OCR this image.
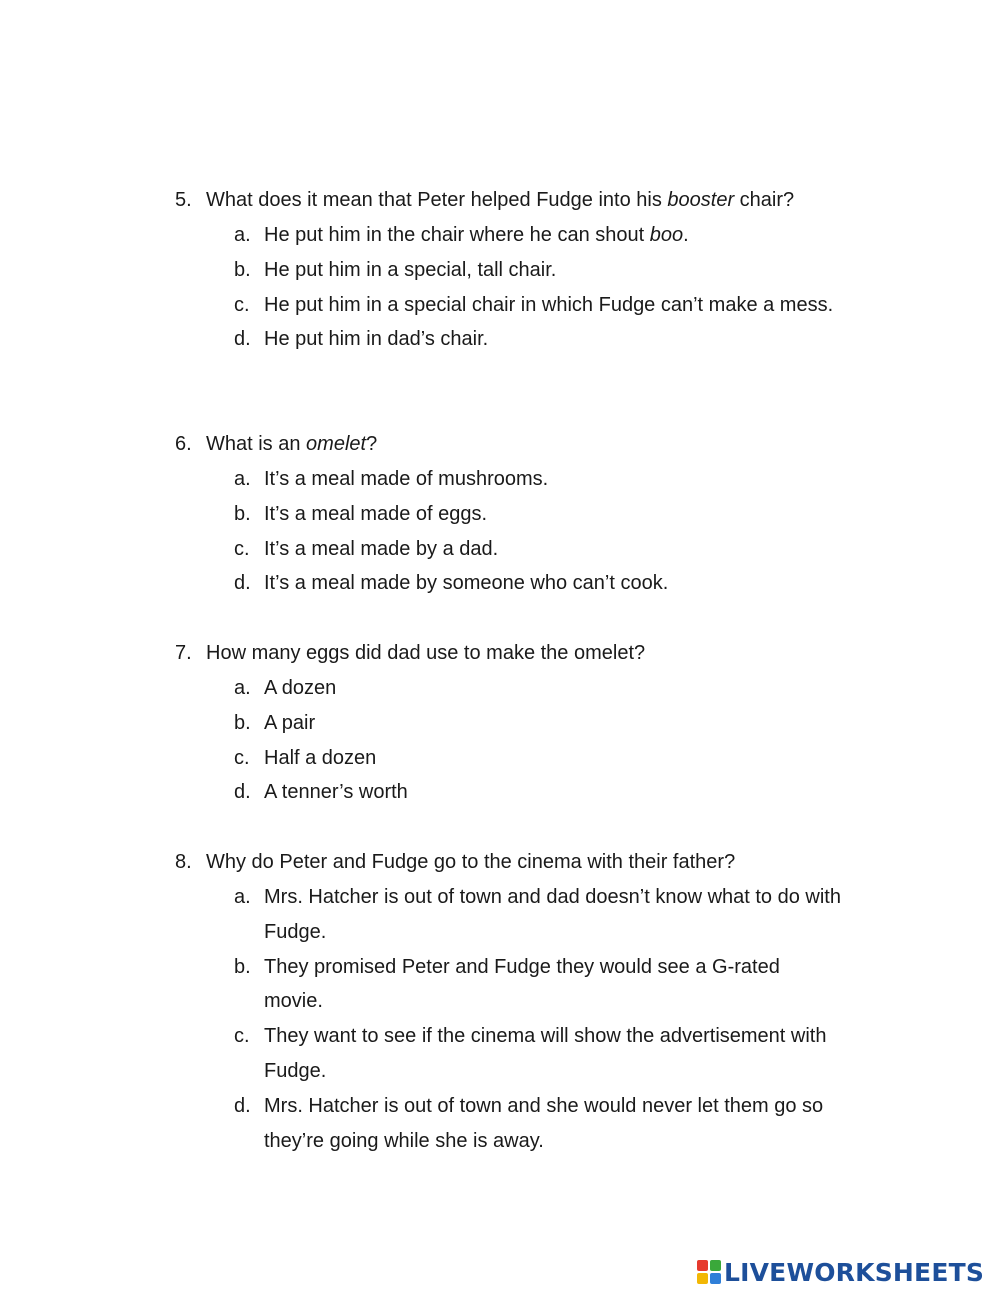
5. What does it mean that Peter helped Fudge into his booster chair?
a. He put him in the chair where he can shout boo.
b. He put him in a special, tall chair.
c. He put him in a special chair in which Fudge can’t make a mess.
d. He put him in dad’s chair.
6. What is an omelet?
a. It’s a meal made of mushrooms.
b. It’s a meal made of eggs.
c. It’s a meal made by a dad.
d. It’s a meal made by someone who can’t cook.
7. How many eggs did dad use to make the omelet?
a. A dozen
b. A pair
c. Half a dozen
d. A tenner’s worth
8. Why do Peter and Fudge go to the cinema with their father?
a. Mrs. Hatcher is out of town and dad doesn’t know what to do with Fudge.
b. They promised Peter and Fudge they would see a G-rated movie.
c. They want to see if the cinema will show the advertisement with Fudge.
d. Mrs. Hatcher is out of town and she would never let them go so they’re going while she is away.
LIVEWORKSHEETS
